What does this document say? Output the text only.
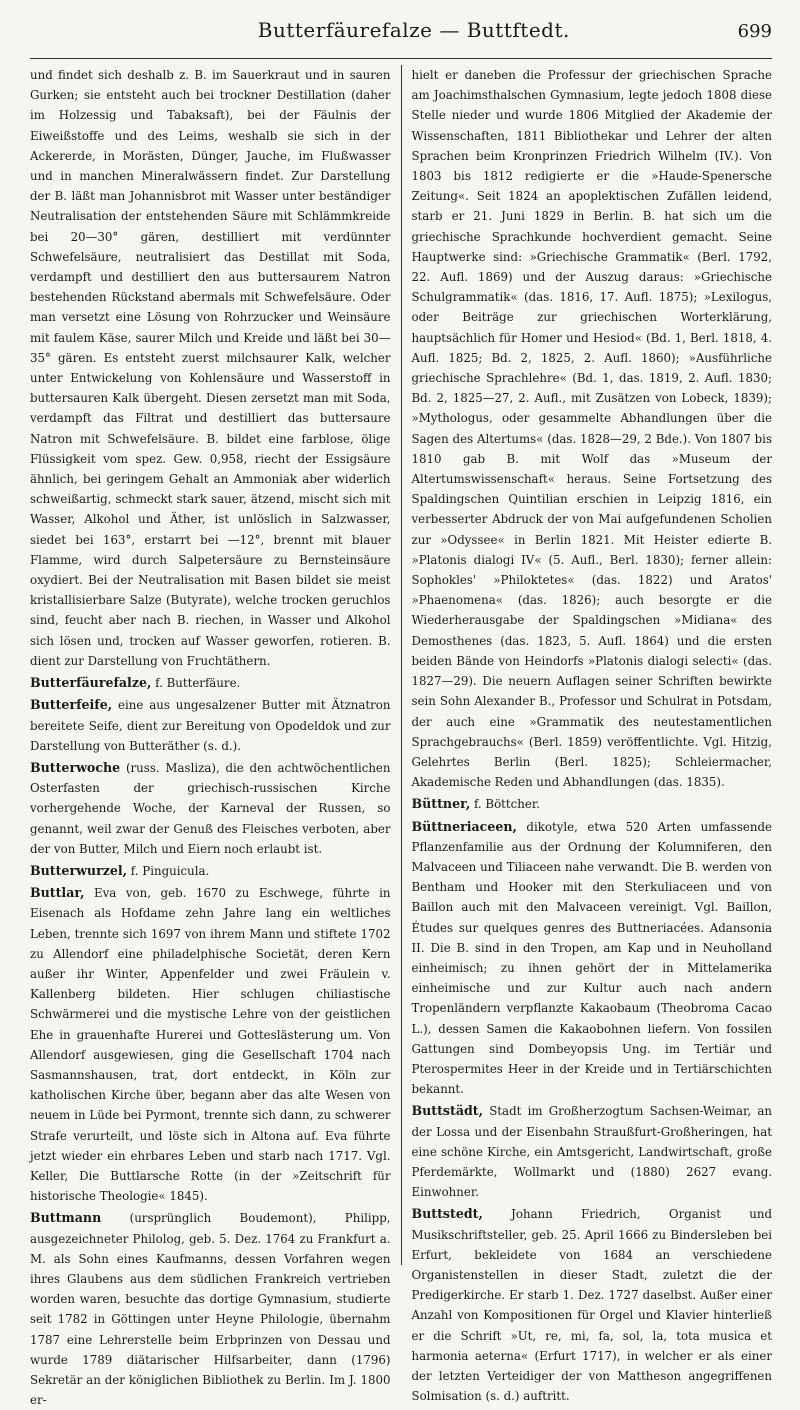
Butterfäurefalze — Buttftedt.	699

und findet sich deshalb z. B. im Sauerkraut und in sauren Gurken; sie entsteht auch bei trockner Destillation (daher im Holzessig und Tabaksaft), bei der Fäulnis der Eiweißstoffe und des Leims, weshalb sie sich in der Ackererde, in Morästen, Dünger, Jauche, im Flußwasser und in manchen Mineralwässern findet. Zur Darstellung der B. läßt man Johannisbrot mit Wasser unter beständiger Neutralisation der entstehenden Säure mit Schlämmkreide bei 20—30° gären, destilliert mit verdünnter Schwefelsäure, neutralisiert das Destillat mit Soda, verdampft und destilliert den aus buttersaurem Natron bestehenden Rückstand abermals mit Schwefelsäure. Oder man versetzt eine Lösung von Rohrzucker und Weinsäure mit faulem Käse, saurer Milch und Kreide und läßt bei 30—35° gären. Es entsteht zuerst milchsaurer Kalk, welcher unter Entwickelung von Kohlensäure und Wasserstoff in buttersauren Kalk übergeht. Diesen zersetzt man mit Soda, verdampft das Filtrat und destilliert das buttersaure Natron mit Schwefelsäure. B. bildet eine farblose, ölige Flüssigkeit vom spez. Gew. 0,958, riecht der Essigsäure ähnlich, bei geringem Gehalt an Ammoniak aber widerlich schweißartig, schmeckt stark sauer, ätzend, mischt sich mit Wasser, Alkohol und Äther, ist unlöslich in Salzwasser, siedet bei 163°, erstarrt bei —12°, brennt mit blauer Flamme, wird durch Salpetersäure zu Bernsteinsäure oxydiert. Bei der Neutralisation mit Basen bildet sie meist kristallisierbare Salze (Butyrate), welche trocken geruchlos sind, feucht aber nach B. riechen, in Wasser und Alkohol sich lösen und, trocken auf Wasser geworfen, rotieren. B. dient zur Darstellung von Fruchtäthern.

Butterfäurefalze, f. Butterfäure.

Butterfeife, eine aus ungesalzener Butter mit Ätznatron bereitete Seife, dient zur Bereitung von Opodeldok und zur Darstellung von Butteräther (s. d.).

Butterwoche (russ. Masliza), die den achtwöchentlichen Osterfasten der griechisch-russischen Kirche vorhergehende Woche, der Karneval der Russen, so genannt, weil zwar der Genuß des Fleisches verboten, aber der von Butter, Milch und Eiern noch erlaubt ist.

Butterwurzel, f. Pinguicula.

Buttlar, Eva von, geb. 1670 zu Eschwege, führte in Eisenach als Hofdame zehn Jahre lang ein weltliches Leben, trennte sich 1697 von ihrem Mann und stiftete 1702 zu Allendorf eine philadelphische Societät, deren Kern außer ihr Winter, Appenfelder und zwei Fräulein v. Kallenberg bildeten. Hier schlugen chiliastische Schwärmerei und die mystische Lehre von der geistlichen Ehe in grauenhafte Hurerei und Gotteslästerung um. Von Allendorf ausgewiesen, ging die Gesellschaft 1704 nach Sasmannshausen, trat, dort entdeckt, in Köln zur katholischen Kirche über, begann aber das alte Wesen von neuem in Lüde bei Pyrmont, trennte sich dann, zu schwerer Strafe verurteilt, und löste sich in Altona auf. Eva führte jetzt wieder ein ehrbares Leben und starb nach 1717. Vgl. Keller, Die Buttlarsche Rotte (in der »Zeitschrift für historische Theologie« 1845).

Buttmann (ursprünglich Boudemont), Philipp, ausgezeichneter Philolog, geb. 5. Dez. 1764 zu Frankfurt a. M. als Sohn eines Kaufmanns, dessen Vorfahren wegen ihres Glaubens aus dem südlichen Frankreich vertrieben worden waren, besuchte das dortige Gymnasium, studierte seit 1782 in Göttingen unter Heyne Philologie, übernahm 1787 eine Lehrerstelle beim Erbprinzen von Dessau und wurde 1789 diätarischer Hilfsarbeiter, dann (1796) Sekretär an der königlichen Bibliothek zu Berlin. Im J. 1800 er-

hielt er daneben die Professur der griechischen Sprache am Joachimsthalschen Gymnasium, legte jedoch 1808 diese Stelle nieder und wurde 1806 Mitglied der Akademie der Wissenschaften, 1811 Bibliothekar und Lehrer der alten Sprachen beim Kronprinzen Friedrich Wilhelm (IV.). Von 1803 bis 1812 redigierte er die »Haude-Spenersche Zeitung«. Seit 1824 an apoplektischen Zufällen leidend, starb er 21. Juni 1829 in Berlin. B. hat sich um die griechische Sprachkunde hochverdient gemacht. Seine Hauptwerke sind: »Griechische Grammatik« (Berl. 1792, 22. Aufl. 1869) und der Auszug daraus: »Griechische Schulgrammatik« (das. 1816, 17. Aufl. 1875); »Lexilogus, oder Beiträge zur griechischen Worterklärung, hauptsächlich für Homer und Hesiod« (Bd. 1, Berl. 1818, 4. Aufl. 1825; Bd. 2, 1825, 2. Aufl. 1860); »Ausführliche griechische Sprachlehre« (Bd. 1, das. 1819, 2. Aufl. 1830; Bd. 2, 1825—27, 2. Aufl., mit Zusätzen von Lobeck, 1839); »Mythologus, oder gesammelte Abhandlungen über die Sagen des Altertums« (das. 1828—29, 2 Bde.). Von 1807 bis 1810 gab B. mit Wolf das »Museum der Altertumswissenschaft« heraus. Seine Fortsetzung des Spaldingschen Quintilian erschien in Leipzig 1816, ein verbesserter Abdruck der von Mai aufgefundenen Scholien zur »Odyssee« in Berlin 1821. Mit Heister edierte B. »Platonis dialogi IV« (5. Aufl., Berl. 1830); ferner allein: Sophokles' »Philoktetes« (das. 1822) und Aratos' »Phaenomena« (das. 1826); auch besorgte er die Wiederherausgabe der Spaldingschen »Midiana« des Demosthenes (das. 1823, 5. Aufl. 1864) und die ersten beiden Bände von Heindorfs »Platonis dialogi selecti« (das. 1827—29). Die neuern Auflagen seiner Schriften bewirkte sein Sohn Alexander B., Professor und Schulrat in Potsdam, der auch eine »Grammatik des neutestamentlichen Sprachgebrauchs« (Berl. 1859) veröffentlichte. Vgl. Hitzig, Gelehrtes Berlin (Berl. 1825); Schleiermacher, Akademische Reden und Abhandlungen (das. 1835).

Büttner, f. Böttcher.

Büttneriaceen, dikotyle, etwa 520 Arten umfassende Pflanzenfamilie aus der Ordnung der Kolumniferen, den Malvaceen und Tiliaceen nahe verwandt. Die B. werden von Bentham und Hooker mit den Sterkuliaceen und von Baillon auch mit den Malvaceen vereinigt. Vgl. Baillon, Études sur quelques genres des Buttneriacées. Adansonia II. Die B. sind in den Tropen, am Kap und in Neuholland einheimisch; zu ihnen gehört der in Mittelamerika einheimische und zur Kultur auch nach andern Tropenländern verpflanzte Kakaobaum (Theobroma Cacao L.), dessen Samen die Kakaobohnen liefern. Von fossilen Gattungen sind Dombeyopsis Ung. im Tertiär und Pterospermites Heer in der Kreide und in Tertiärschichten bekannt.

Buttstädt, Stadt im Großherzogtum Sachsen-Weimar, an der Lossa und der Eisenbahn Straußfurt-Großheringen, hat eine schöne Kirche, ein Amtsgericht, Landwirtschaft, große Pferdemärkte, Wollmarkt und (1880) 2627 evang. Einwohner.

Buttstedt, Johann Friedrich, Organist und Musikschriftsteller, geb. 25. April 1666 zu Bindersleben bei Erfurt, bekleidete von 1684 an verschiedene Organistenstellen in dieser Stadt, zuletzt die der Predigerkirche. Er starb 1. Dez. 1727 daselbst. Außer einer Anzahl von Kompositionen für Orgel und Klavier hinterließ er die Schrift »Ut, re, mi, fa, sol, la, tota musica et harmonia aeterna« (Erfurt 1717), in welcher er als einer der letzten Verteidiger der von Mattheson angegriffenen Solmisation (s. d.) auftritt.
